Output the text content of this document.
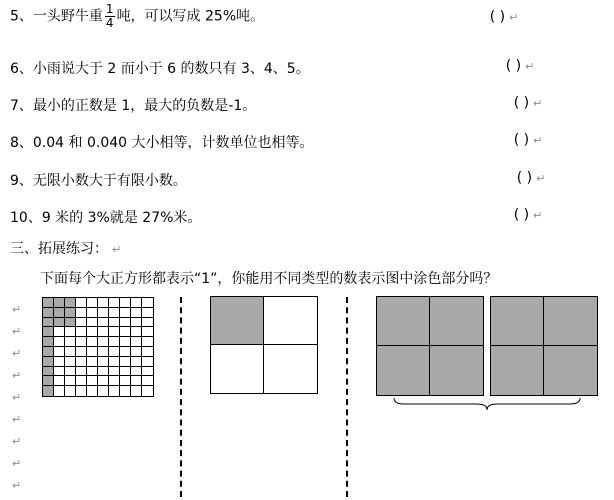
5、一头野牛重 $\frac{1}{4}$ 吨，可以写成 25%吨。	( ) ↵
6、小雨说大于 2 而小于 6 的数只有 3、4、5。	( ) ↵
7、最小的正数是 1，最大的负数是-1。	( ) ↵
8、0.04 和 0.040 大小相等，计数单位也相等。	( ) ↵
9、无限小数大于有限小数。	( ) ↵
10、9 米的 3%就是 27%米。	( ) ↵
三、拓展练习： ↵
下面每个大正方形都表示“1”，你能用不同类型的数表示图中涂色部分吗？
↵
↵
↵
↵
↵
↵
↵
↵
↵
